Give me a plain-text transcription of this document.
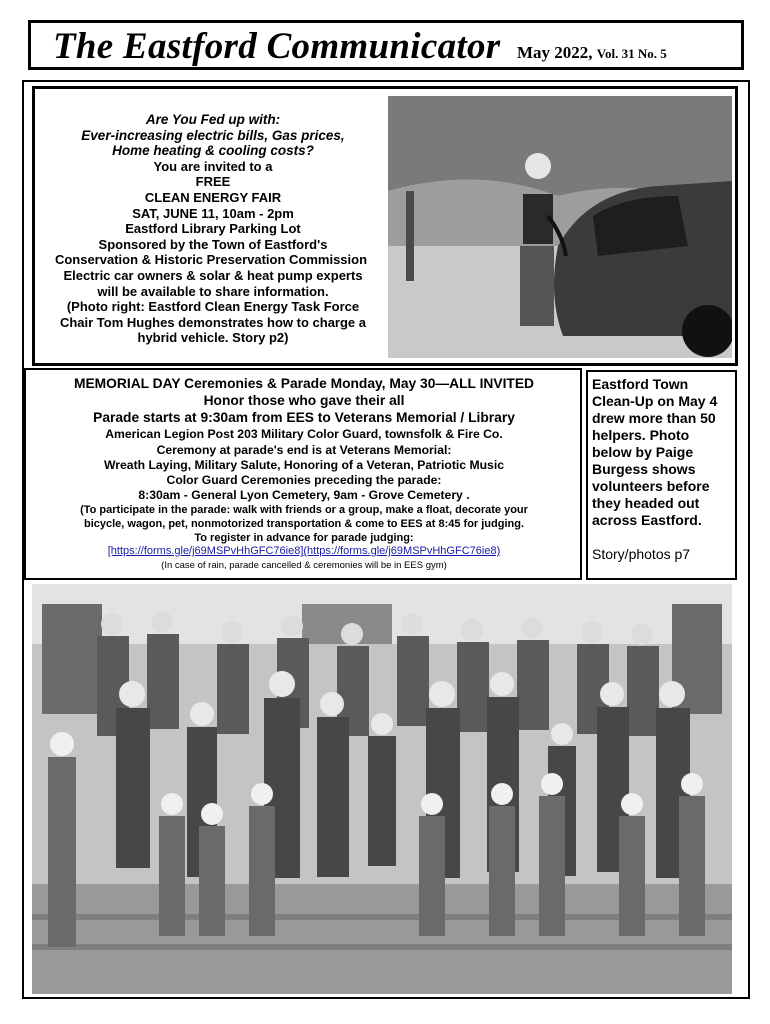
The Eastford Communicator May 2022, Vol. 31 No. 5
Are You Fed up with:
Ever-increasing electric bills, Gas prices,
Home heating & cooling costs?
You are invited to a
FREE
CLEAN ENERGY FAIR
SAT, JUNE 11, 10am - 2pm
Eastford Library Parking Lot
Sponsored by the Town of Eastford's
Conservation & Historic Preservation Commission
Electric car owners & solar & heat pump experts
will be available to share information.
(Photo right: Eastford Clean Energy Task Force
Chair Tom Hughes demonstrates how to charge a
hybrid vehicle. Story p2)
MEMORIAL DAY Ceremonies & Parade Monday, May 30—ALL INVITED
Honor those who gave their all
Parade starts at 9:30am from EES to Veterans Memorial / Library
American Legion Post 203 Military Color Guard, townsfolk & Fire Co.
Ceremony at parade's end is at Veterans Memorial:
Wreath Laying, Military Salute, Honoring of a Veteran, Patriotic Music
Color Guard Ceremonies preceding the parade:
8:30am - General Lyon Cemetery, 9am - Grove Cemetery .
(To participate in the parade: walk with friends or a group, make a float, decorate your
bicycle, wagon, pet, nonmotorized transportation & come to EES at 8:45 for judging.
To register in advance for parade judging:
[https://forms.gle/j69MSPvHhGFC76ie8](https://forms.gle/j69MSPvHhGFC76ie8)
(In case of rain, parade cancelled & ceremonies will be in EES gym)
Eastford Town
Clean-Up on May 4
drew more than 50
helpers. Photo
below by Paige
Burgess shows
volunteers before
they headed out
across Eastford.
Story/photos p7
